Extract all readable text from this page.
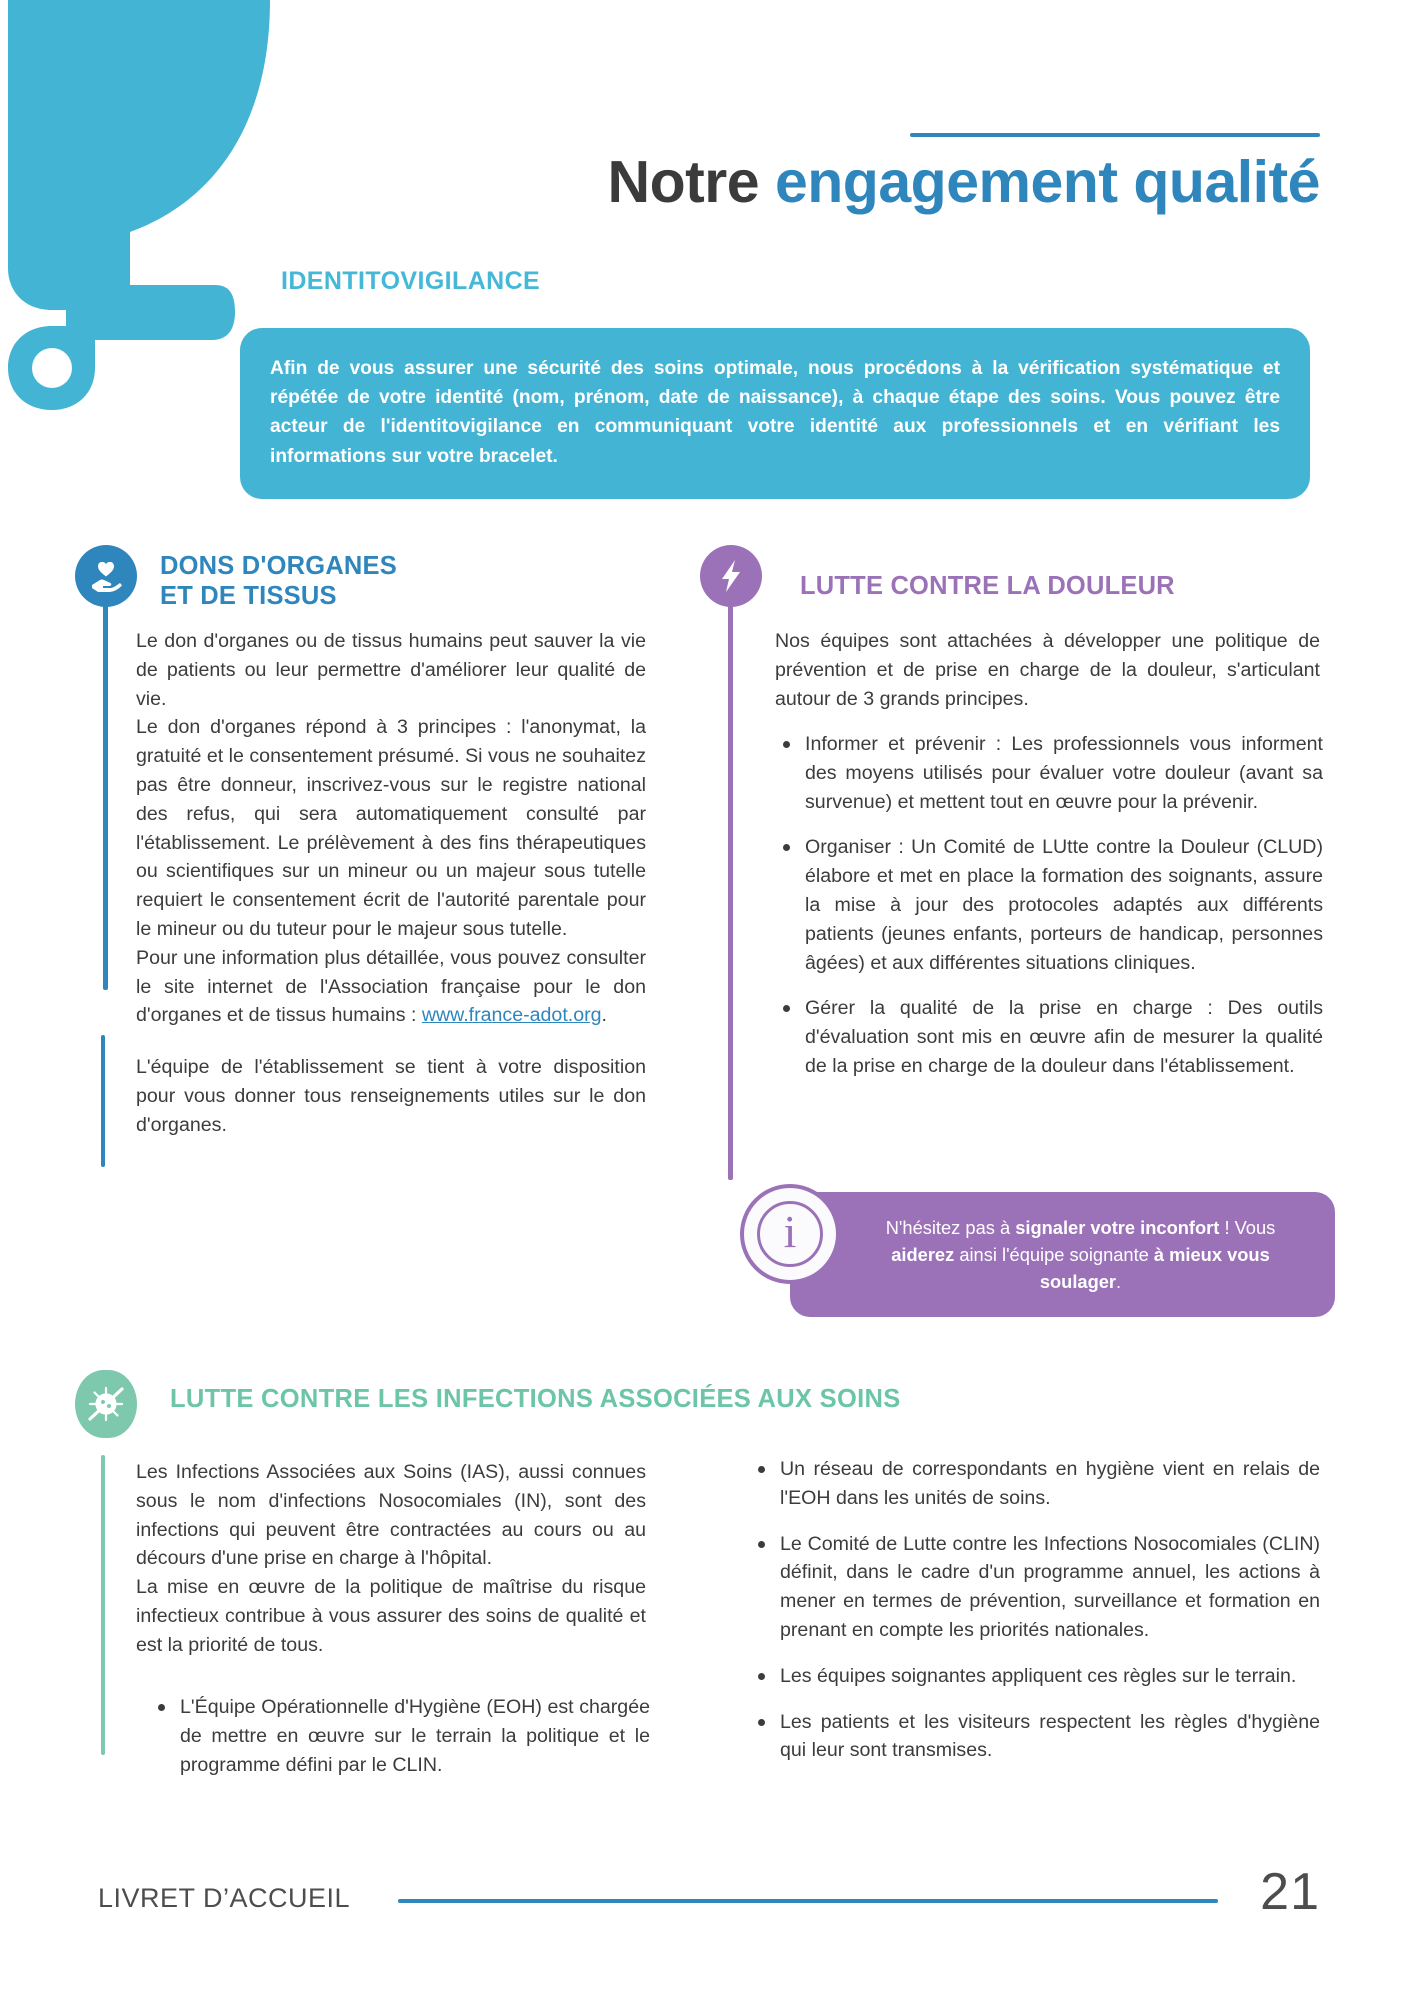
Notre engagement qualité
IDENTITOVIGILANCE
Afin de vous assurer une sécurité des soins optimale, nous procédons à la vérification systématique et répétée de votre identité (nom, prénom, date de naissance), à chaque étape des soins. Vous pouvez être acteur de l'identitovigilance en communiquant votre identité aux professionnels et en vérifiant les informations sur votre bracelet.
DONS D'ORGANES
ET DE TISSUS

Le don d'organes ou de tissus humains peut sauver la vie de patients ou leur permettre d'améliorer leur qualité de vie.

Le don d'organes répond à 3 principes : l'anonymat, la gratuité et le consentement présumé. Si vous ne souhaitez pas être donneur, inscrivez-vous sur le registre national des refus, qui sera automatiquement consulté par l'établissement. Le prélèvement à des fins thérapeutiques ou scientifiques sur un mineur ou un majeur sous tutelle requiert le consentement écrit de l'autorité parentale pour le mineur ou du tuteur pour le majeur sous tutelle.

Pour une information plus détaillée, vous pouvez consulter le site internet de l'Association française pour le don d'organes et de tissus humains : www.france-adot.org.

L'équipe de l'établissement se tient à votre disposition pour vous donner tous renseignements utiles sur le don d'organes.
LUTTE CONTRE LA DOULEUR
Nos équipes sont attachées à développer une politique de prévention et de prise en charge de la douleur, s'articulant autour de 3 grands principes.
Informer et prévenir : Les professionnels vous informent des moyens utilisés pour évaluer votre douleur (avant sa survenue) et mettent tout en œuvre pour la prévenir.
Organiser : Un Comité de LUtte contre la Douleur (CLUD) élabore et met en place la formation des soignants, assure la mise à jour des protocoles adaptés aux différents patients (jeunes enfants, porteurs de handicap, personnes âgées) et aux différentes situations cliniques.
Gérer la qualité de la prise en charge : Des outils d'évaluation sont mis en œuvre afin de mesurer la qualité de la prise en charge de la douleur dans l'établissement.
i	N'hésitez pas à signaler votre inconfort ! Vous aiderez ainsi l'équipe soignante à mieux vous soulager.
LUTTE CONTRE LES INFECTIONS ASSOCIÉES AUX SOINS

Les Infections Associées aux Soins (IAS), aussi connues sous le nom d'infections Nosocomiales (IN), sont des infections qui peuvent être contractées au cours ou au décours d'une prise en charge à l'hôpital.

La mise en œuvre de la politique de maîtrise du risque infectieux contribue à vous assurer des soins de qualité et est la priorité de tous.

L'Équipe Opérationnelle d'Hygiène (EOH) est chargée de mettre en œuvre sur le terrain la politique et le programme défini par le CLIN.
Un réseau de correspondants en hygiène vient en relais de l'EOH dans les unités de soins.
Le Comité de Lutte contre les Infections Nosocomiales (CLIN) définit, dans le cadre d'un programme annuel, les actions à mener en termes de prévention, surveillance et formation en prenant en compte les priorités nationales.
Les équipes soignantes appliquent ces règles sur le terrain.
Les patients et les visiteurs respectent les règles d'hygiène qui leur sont transmises.
LIVRET D’ACCUEIL	21
